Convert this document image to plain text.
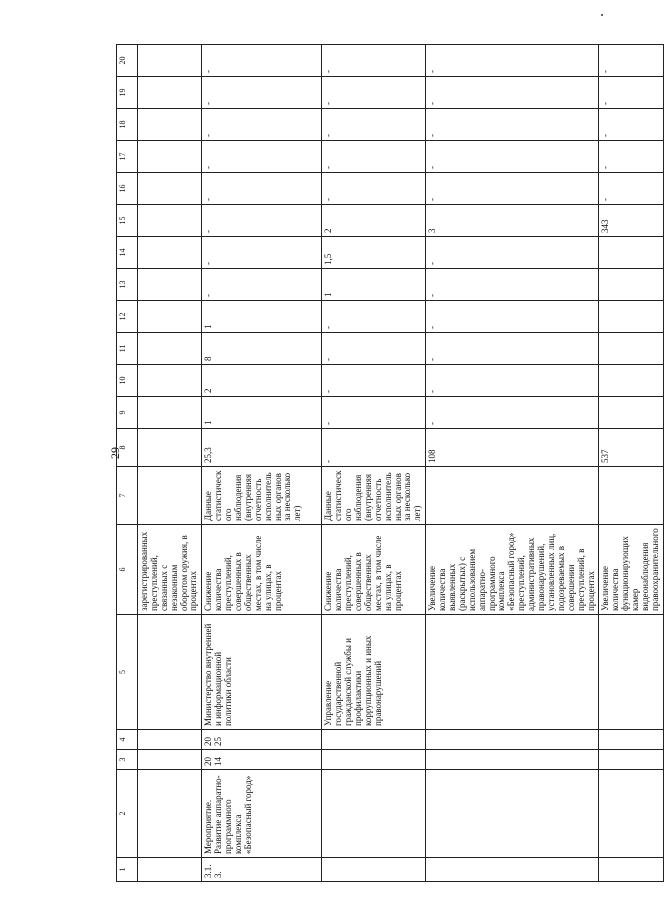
29
1	2	3	4	5	6	7	8	9	10	11	12	13	14	15	16	17	18	19	20
					зарегистрированных преступлений, связанных с незаконным оборотом оружия, в процентах														
3.1.3.	Мероприятие. Развитие аппаратно-программного комплекса «Безопасный город»	2014	2025	Министерство внутренней и информационной политики области	Снижение количества преступлений, совершенных в общественных местах, в том числе на улицах, в процентах	Данные статистического наблюдения (внутренняя отчетность исполнительных органов за несколько лет)	25,3	1	2	8	1	-	-	-	-	-	-	-	-
				Управление государственной гражданской службы и профилактики коррупционных и иных правонарушений	Снижение количества преступлений, совершенных в общественных местах, в том числе на улицах, в процентах	Данные статистического наблюдения (внутренняя отчетность исполнительных органов за несколько лет)	-	-	-	-	-	1	1,5	2	-	-	-	-	-
					Увеличение количества выявленных (раскрытых) с использованием аппаратно-программного комплекса «Безопасный город» преступлений, административных правонарушений, установленных лиц, подозреваемых в совершении преступлений, в процентах		108	-	-	-	-	-	-	3	-	-	-	-	-
					Увеличение количества функционирующих камер видеонаблюдения правоохранительного		537							343	-	-	-	-	-
